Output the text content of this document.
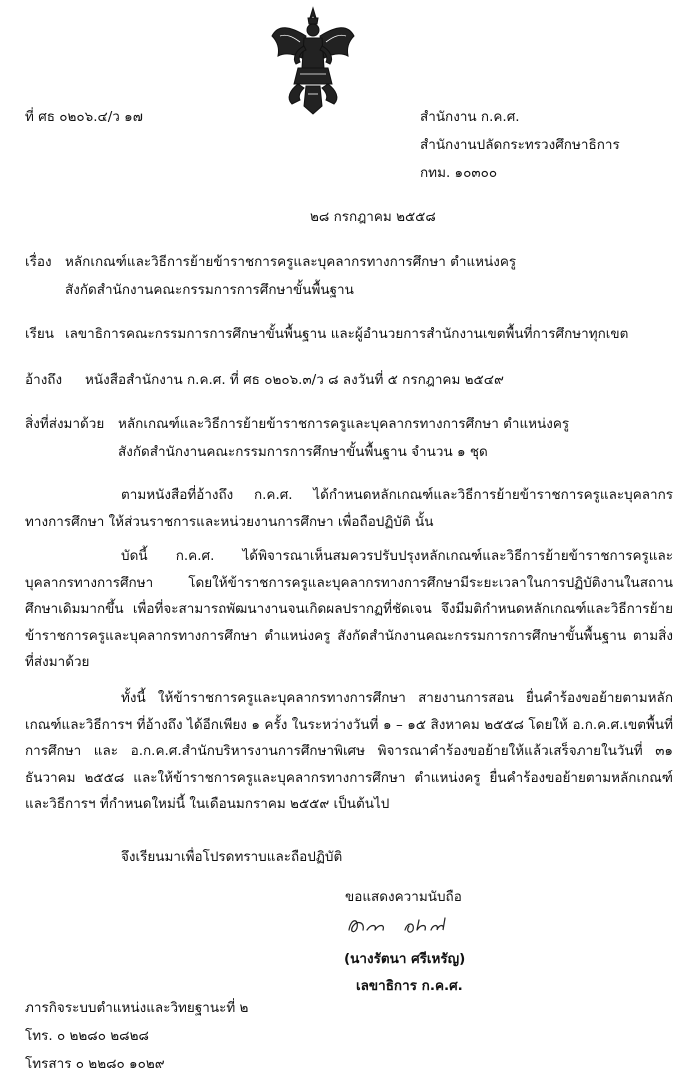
ที่ ศธ ๐๒๐๖.๔/ว ๑๗	สำนักงาน ก.ค.ศ.
สำนักงานปลัดกระทรวงศึกษาธิการ
กทม. ๑๐๓๐๐
๒๘ กรกฎาคม ๒๕๕๘
เรื่อง หลักเกณฑ์และวิธีการย้ายข้าราชการครูและบุคลากรทางการศึกษา ตำแหน่งครู
สังกัดสำนักงานคณะกรรมการการศึกษาขั้นพื้นฐาน
เรียน เลขาธิการคณะกรรมการการศึกษาขั้นพื้นฐาน และผู้อำนวยการสำนักงานเขตพื้นที่การศึกษาทุกเขต
อ้างถึง หนังสือสำนักงาน ก.ค.ศ. ที่ ศธ ๐๒๐๖.๓/ว ๘ ลงวันที่ ๕ กรกฎาคม ๒๕๔๙
สิ่งที่ส่งมาด้วย หลักเกณฑ์และวิธีการย้ายข้าราชการครูและบุคลากรทางการศึกษา ตำแหน่งครู
สังกัดสำนักงานคณะกรรมการการศึกษาขั้นพื้นฐาน จำนวน ๑ ชุด
ตามหนังสือที่อ้างถึง ก.ค.ศ. ได้กำหนดหลักเกณฑ์และวิธีการย้ายข้าราชการครูและบุคลากรทางการศึกษา ให้ส่วนราชการและหน่วยงานการศึกษา เพื่อถือปฏิบัติ นั้น
บัดนี้ ก.ค.ศ. ได้พิจารณาเห็นสมควรปรับปรุงหลักเกณฑ์และวิธีการย้ายข้าราชการครูและบุคลากรทางการศึกษา โดยให้ข้าราชการครูและบุคลากรทางการศึกษามีระยะเวลาในการปฏิบัติงานในสถานศึกษาเดิมมากขึ้น เพื่อที่จะสามารถพัฒนางานจนเกิดผลปรากฏที่ชัดเจน จึงมีมติกำหนดหลักเกณฑ์และวิธีการย้ายข้าราชการครูและบุคลากรทางการศึกษา ตำแหน่งครู สังกัดสำนักงานคณะกรรมการการศึกษาขั้นพื้นฐาน ตามสิ่งที่ส่งมาด้วย
ทั้งนี้ ให้ข้าราชการครูและบุคลากรทางการศึกษา สายงานการสอน ยื่นคำร้องขอย้ายตามหลักเกณฑ์และวิธีการฯ ที่อ้างถึง ได้อีกเพียง ๑ ครั้ง ในระหว่างวันที่ ๑ – ๑๕ สิงหาคม ๒๕๕๘ โดยให้ อ.ก.ค.ศ.เขตพื้นที่การศึกษา และ อ.ก.ค.ศ.สำนักบริหารงานการศึกษาพิเศษ พิจารณาคำร้องขอย้ายให้แล้วเสร็จภายในวันที่ ๓๑ ธันวาคม ๒๕๕๘ และให้ข้าราชการครูและบุคลากรทางการศึกษา ตำแหน่งครู ยื่นคำร้องขอย้ายตามหลักเกณฑ์และวิธีการฯ ที่กำหนดใหม่นี้ ในเดือนมกราคม ๒๕๕๙ เป็นต้นไป
จึงเรียนมาเพื่อโปรดทราบและถือปฏิบัติ
ขอแสดงความนับถือ
(นางรัตนา ศรีเหรัญ)
เลขาธิการ ก.ค.ศ.
ภารกิจระบบตำแหน่งและวิทยฐานะที่ ๒
โทร. ๐ ๒๒๘๐ ๒๘๒๘
โทรสาร ๐ ๒๒๘๐ ๑๐๒๙
